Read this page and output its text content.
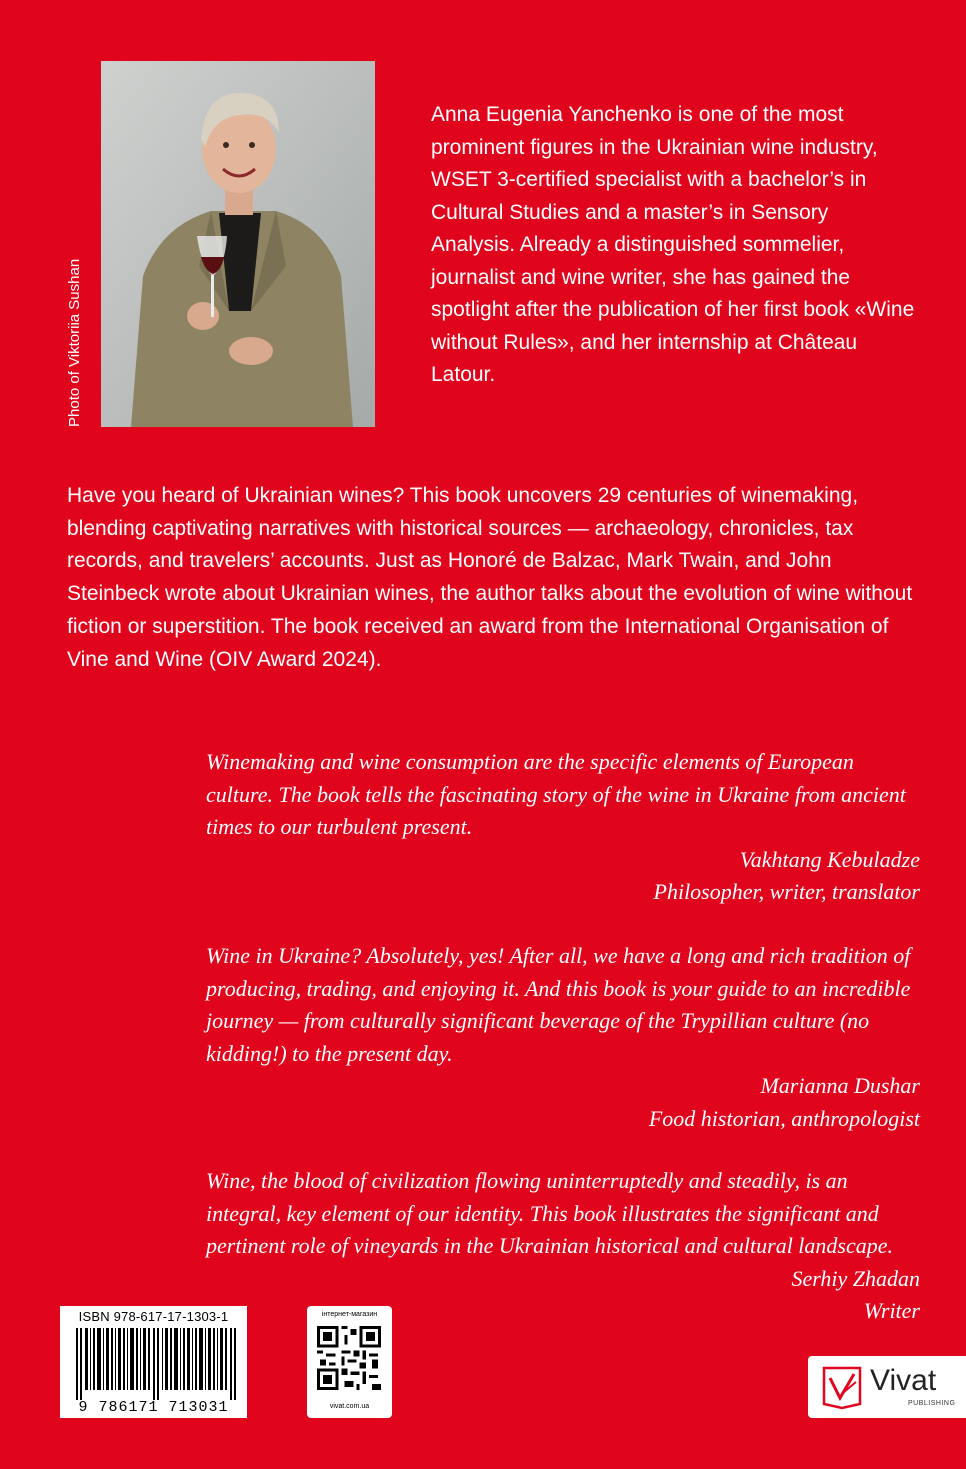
Photo of Viktoriia Sushan

Anna Eugenia Yanchenko is one of the most prominent figures in the Ukrainian wine industry, WSET 3-certified specialist with a bachelor’s in Cultural Studies and a master’s in Sensory Analysis. Already a distinguished sommelier, journalist and wine writer, she has gained the spotlight after the publication of her first book «Wine without Rules», and her internship at Château Latour.

Have you heard of Ukrainian wines? This book uncovers 29 centuries of winemaking, blending captivating narratives with historical sources — archaeology, chronicles, tax records, and travelers’ accounts. Just as Honoré de Balzac, Mark Twain, and John Steinbeck wrote about Ukrainian wines, the author talks about the evolution of wine without fiction or superstition. The book received an award from the International Organisation of Vine and Wine (OIV Award 2024).

Winemaking and wine consumption are the specific elements of European culture. The book tells the fascinating story of the wine in Ukraine from ancient times to our turbulent present.

Vakhtang Kebuladze

Philosopher, writer, translator

Wine in Ukraine? Absolutely, yes! After all, we have a long and rich tradition of producing, trading, and enjoying it. And this book is your guide to an incredible journey — from culturally significant beverage of the Trypillian culture (no kidding!) to the present day.

Marianna Dushar

Food historian, anthropologist

Wine, the blood of civilization flowing uninterruptedly and steadily, is an integral, key element of our identity. This book illustrates the significant and pertinent role of vineyards in the Ukrainian historical and cultural landscape.

Serhiy Zhadan

Writer

ISBN 978-617-17-1303-1
9 786171 713031
інтернет-магазин
vivat.com.ua
Vivat
PUBLISHING
